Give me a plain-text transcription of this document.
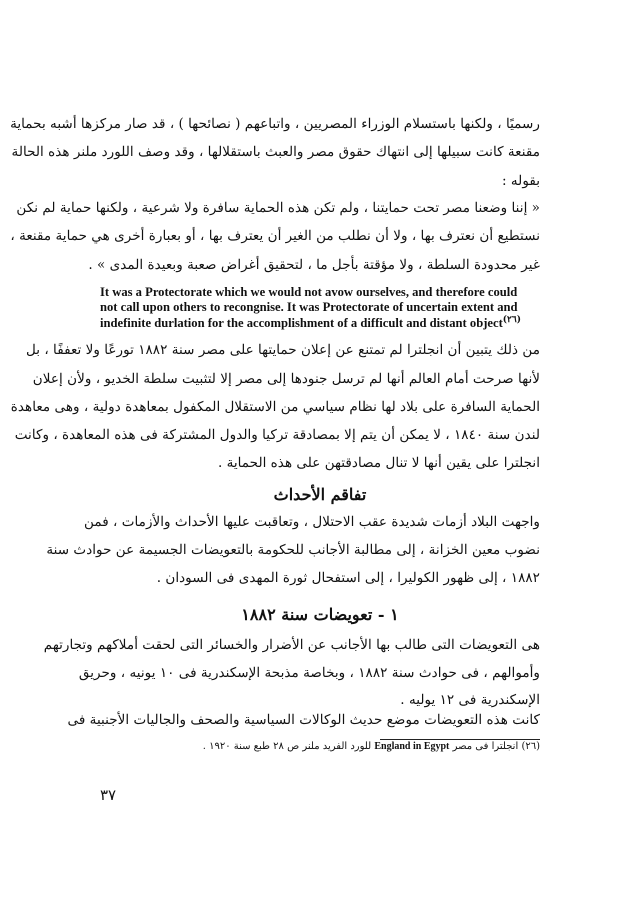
رسميًا ، ولكنها باستسلام الوزراء المصريين ، واتباعهم ( نصائحها ) ، قد صار مركزها أشبه بحماية
مقنعة كانت سبيلها إلى انتهاك حقوق مصر والعبث باستقلالها ، وقد وصف اللورد ملنر هذه الحالة
بقوله :
« إننا وضعنا مصر تحت حمايتنا ، ولم تكن هذه الحماية سافرة ولا شرعية ، ولكنها حماية لم نكن
نستطيع أن نعترف بها ، ولا أن نطلب من الغير أن يعترف بها ، أو بعبارة أخرى هي حماية مقنعة ،
غير محدودة السلطة ، ولا مؤقتة بأجل ما ، لتحقيق أغراض صعبة وبعيدة المدى » .
It was a Protectorate which we would not avow ourselves, and therefore could
not call upon others to recongnise. It was Protectorate of uncertain extent and
indefinite durlation for the accomplishment of a difficult and distant object$^{(٢٦)}$
من ذلك يتبين أن انجلترا لم تمتنع عن إعلان حمايتها على مصر سنة ١٨٨٢ تورعًا ولا تعففًا ، بل
لأنها صرحت أمام العالم أنها لم ترسل جنودها إلى مصر إلا لتثبيت سلطة الخديو ، ولأن إعلان
الحماية السافرة على بلاد لها نظام سياسي من الاستقلال المكفول بمعاهدة دولية ، وهى معاهدة
لندن سنة ١٨٤٠ ، لا يمكن أن يتم إلا بمصادقة تركيا والدول المشتركة فى هذه المعاهدة ، وكانت
انجلترا على يقين أنها لا تنال مصادقتهن على هذه الحماية .
تفاقم الأحداث
واجهت البلاد أزمات شديدة عقب الاحتلال ، وتعاقبت عليها الأحداث والأزمات ، فمن
نضوب معين الخزانة ، إلى مطالبة الأجانب للحكومة بالتعويضات الجسيمة عن حوادث سنة
١٨٨٢ ، إلى ظهور الكوليرا ، إلى استفحال ثورة المهدى فى السودان .
١ - تعويضات سنة ١٨٨٢
هى التعويضات التى طالب بها الأجانب عن الأضرار والخسائر التى لحقت أملاكهم وتجارتهم
وأموالهم ، فى حوادث سنة ١٨٨٢ ، وبخاصة مذبحة الإسكندرية فى ١٠ يونيه ، وحريق
الإسكندرية فى ١٢ يوليه .
كانت هذه التعويضات موضع حديث الوكالات السياسية والصحف والجاليات الأجنبية فى
(٢٦) انجلترا فى مصر England in Egypt للورد الفريد ملنر ص ٢٨ طبع سنة ١٩٢٠ .
٣٧
